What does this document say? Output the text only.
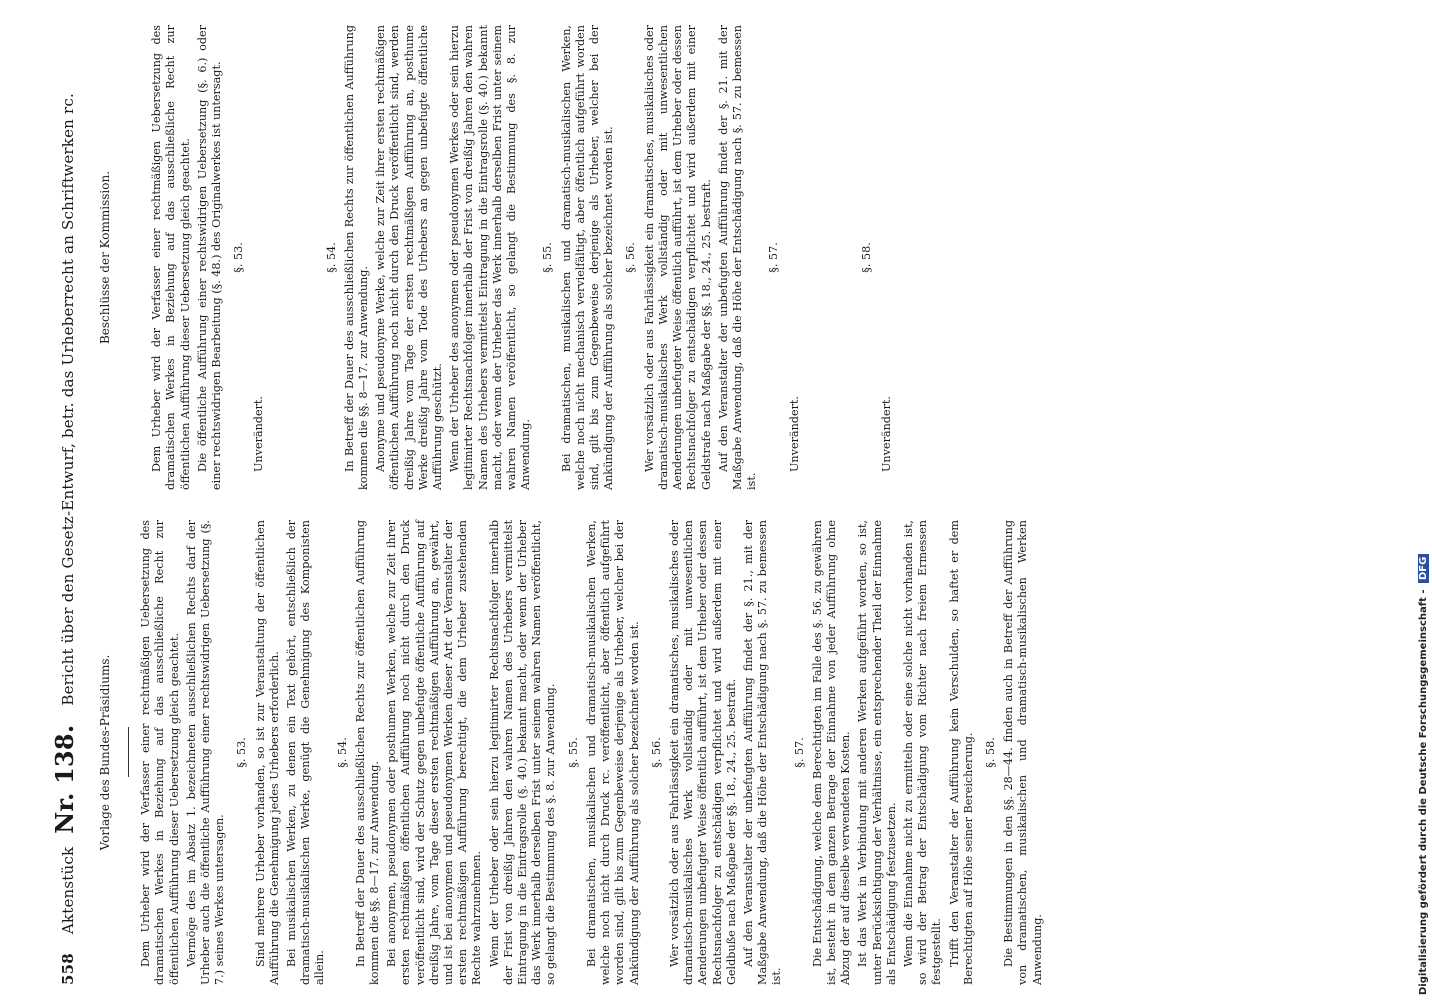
558 Aktenstück Nr. 138. Bericht über den Gesetz-Entwurf, betr. das Urheberrecht an Schriftwerken rc.
Vorlage des Bundes-Präsidiums. Dem Urheber wird der Verfasser einer rechtmäßigen Uebersetzung des dramatischen Werkes in Beziehung auf das ausschließliche Recht zur öffentlichen Aufführung dieser Uebersetzung gleich geachtet. Vermöge des im Absatz 1. bezeichneten ausschließlichen Rechts darf der Urheber auch die öffentliche Aufführung einer rechtswidrigen Uebersetzung (§. 7.) seines Werkes untersagen.

§. 53. Sind mehrere Urheber vorhanden, so ist zur Veranstaltung der öffentlichen Aufführung die Genehmigung jedes Urhebers erforderlich. Bei musikalischen Werken, zu denen ein Text gehört, entschließlich der dramatisch-musikalischen Werke, genügt die Genehmigung des Komponisten allein.

§. 54. In Betreff der Dauer des ausschließlichen Rechts zur öffentlichen Aufführung kommen die §§. 8—17. zur Anwendung. Bei anonymen, pseudonymen oder posthumen Werken, welche zur Zeit ihrer ersten rechtmäßigen öffentlichen Aufführung noch nicht durch den Druck veröffentlicht sind, wird der Schutz gegen unbefugte öffentliche Aufführung auf dreißig Jahre, vom Tage dieser ersten rechtmäßigen Aufführung an, gewährt, und ist bei anonymen und pseudonymen Werken dieser Art der Veranstalter der ersten rechtmäßigen Aufführung berechtigt, die dem Urheber zustehenden Rechte wahrzunehmen. Wenn der Urheber oder sein hierzu legitimirter Rechtsnachfolger innerhalb der Frist von dreißig Jahren den wahren Namen des Urhebers vermittelst Eintragung in die Eintragsrolle (§. 40.) bekannt macht, oder wenn der Urheber das Werk innerhalb derselben Frist unter seinem wahren Namen veröffentlicht, so gelangt die Bestimmung des §. 8. zur Anwendung. §. 55. Bei dramatischen, musikalischen und dramatisch-musikalischen Werken, welche noch nicht durch Druck rc. veröffentlicht, aber öffentlich aufgeführt worden sind, gilt bis zum Gegenbeweise derjenige als Urheber, welcher bei der Ankündigung der Aufführung als solcher bezeichnet worden ist. §. 56. Wer vorsätzlich oder aus Fahrlässigkeit ein dramatisches, musikalisches oder dramatisch-musikalisches Werk vollständig oder mit unwesentlichen Aenderungen unbefugter Weise öffentlich aufführt, ist dem Urheber oder dessen Rechtsnachfolger zu entschädigen verpflichtet und wird außerdem mit einer Geldbuße nach Maßgabe der §§. 18., 24., 25. bestraft. Auf den Veranstalter der unbefugten Aufführung findet der §. 21., mit der Maßgabe Anwendung, daß die Höhe der Entschädigung nach §. 57. zu bemessen ist.

§. 57. Die Entschädigung, welche dem Berechtigten im Falle des §. 56. zu gewähren ist, besteht in dem ganzen Betrage der Einnahme von jeder Aufführung ohne Abzug der auf dieselbe verwendeten Kosten. Ist das Werk in Verbindung mit anderen Werken aufgeführt worden, so ist, unter Berücksichtigung der Verhältnisse, ein entsprechender Theil der Einnahme als Entschädigung festzusetzen. Wenn die Einnahme nicht zu ermitteln oder eine solche nicht vorhanden ist, so wird der Betrag der Entschädigung vom Richter nach freiem Ermessen festgestellt. Trifft den Veranstalter der Aufführung kein Verschulden, so haftet er dem Berechtigten auf Höhe seiner Bereicherung. §. 58. Die Bestimmungen in den §§. 28—44. finden auch in Betreff der Aufführung von dramatischen, musikalischen und dramatisch-musikalischen Werken Anwendung.

Beschlüsse der Kommission.	Dem Urheber wird der Verfasser einer rechtmäßigen Uebersetzung des dramatischen Werkes in Beziehung auf das ausschließliche Recht zur öffentlichen Aufführung dieser Uebersetzung gleich geachtet. Die öffentliche Aufführung einer rechtswidrigen Uebersetzung (§. 6.) oder einer rechtswidrigen Bearbeitung (§. 48.) des Originalwerkes ist untersagt. §. 53.
Unverändert.
§. 54. In Betreff der Dauer des ausschließlichen Rechts zur öffentlichen Aufführung kommen die §§. 8—17. zur Anwendung. Anonyme und pseudonyme Werke, welche zur Zeit ihrer ersten rechtmäßigen öffentlichen Aufführung noch nicht durch den Druck veröffentlicht sind, werden dreißig Jahre vom Tage der ersten rechtmäßigen Aufführung an, posthume Werke dreißig Jahre vom Tode des Urhebers an gegen unbefugte öffentliche Aufführung geschützt. Wenn der Urheber des anonymen oder pseudonymen Werkes oder sein hierzu legitimirter Rechtsnachfolger innerhalb der Frist von dreißig Jahren den wahren Namen des Urhebers vermittelst Eintragung in die Eintragsrolle (§. 40.) bekannt macht, oder wenn der Urheber das Werk innerhalb derselben Frist unter seinem wahren Namen veröffentlicht, so gelangt die Bestimmung des §. 8. zur Anwendung.

§. 55. Bei dramatischen, musikalischen und dramatisch-musikalischen Werken, welche noch nicht mechanisch vervielfältigt, aber öffentlich aufgeführt worden sind, gilt bis zum Gegenbeweise derjenige als Urheber, welcher bei der Ankündigung der Aufführung als solcher bezeichnet worden ist. §. 56. Wer vorsätzlich oder aus Fahrlässigkeit ein dramatisches, musikalisches oder dramatisch-musikalisches Werk vollständig oder mit unwesentlichen Aenderungen unbefugter Weise öffentlich aufführt, ist dem Urheber oder dessen Rechtsnachfolger zu entschädigen verpflichtet und wird außerdem mit einer Geldstrafe nach Maßgabe der §§. 18., 24., 25. bestraft. Auf den Veranstalter der unbefugten Aufführung findet der §. 21. mit der Maßgabe Anwendung, daß die Höhe der Entschädigung nach §. 57. zu bemessen ist.

§. 57.
Unverändert.
§. 58.
Unverändert.
Digitalisierung gefördert durch die Deutsche Forschungsgemeinschaft - DFG
